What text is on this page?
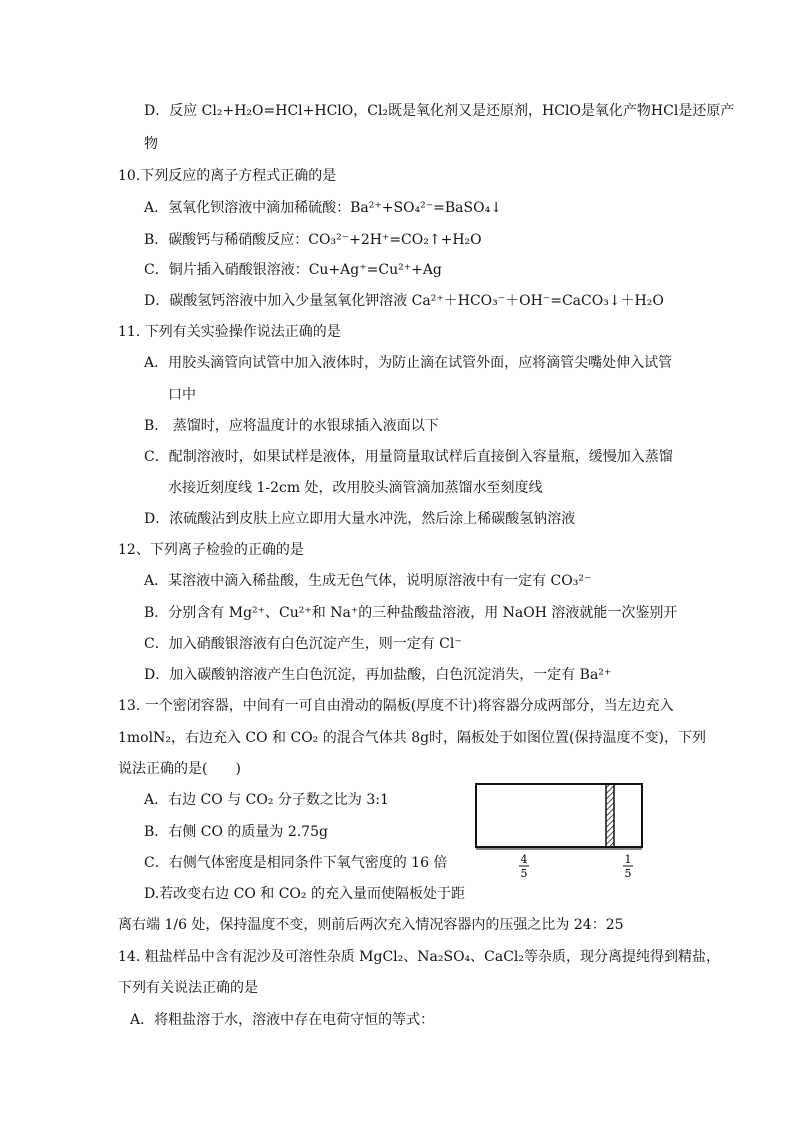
D．反应 Cl₂+H₂O=HCl+HClO，Cl₂既是氧化剂又是还原剂，HClO是氧化产物HCl是还原产
物
10.下列反应的离子方程式正确的是
A．氢氧化钡溶液中滴加稀硫酸：Ba²⁺+SO₄²⁻=BaSO₄↓
B．碳酸钙与稀硝酸反应：CO₃²⁻+2H⁺=CO₂↑+H₂O
C．铜片插入硝酸银溶液：Cu+Ag⁺=Cu²⁺+Ag
D．碳酸氢钙溶液中加入少量氢氧化钾溶液 Ca²⁺＋HCO₃⁻＋OH⁻=CaCO₃↓＋H₂O
11. 下列有关实验操作说法正确的是
A．用胶头滴管向试管中加入液体时，为防止滴在试管外面，应将滴管尖嘴处伸入试管
口中
B． 蒸馏时，应将温度计的水银球插入液面以下
C．配制溶液时，如果试样是液体，用量筒量取试样后直接倒入容量瓶，缓慢加入蒸馏
水接近刻度线 1-2cm 处，改用胶头滴管滴加蒸馏水至刻度线
D．浓硫酸沾到皮肤上应立即用大量水冲洗，然后涂上稀碳酸氢钠溶液
12、下列离子检验的正确的是
A．某溶液中滴入稀盐酸，生成无色气体，说明原溶液中有一定有 CO₃²⁻
B．分别含有 Mg²⁺、Cu²⁺和 Na⁺的三种盐酸盐溶液，用 NaOH 溶液就能一次鉴别开
C．加入硝酸银溶液有白色沉淀产生，则一定有 Cl⁻
D．加入碳酸钠溶液产生白色沉淀，再加盐酸，白色沉淀消失，一定有 Ba²⁺
13. 一个密闭容器，中间有一可自由滑动的隔板(厚度不计)将容器分成两部分，当左边充入
1molN₂，右边充入 CO 和 CO₂ 的混合气体共 8g时，隔板处于如图位置(保持温度不变)，下列
说法正确的是(　　)
A．右边 CO 与 CO₂ 分子数之比为 3:1
B．右侧 CO 的质量为 2.75g
C．右侧气体密度是相同条件下氧气密度的 16 倍
D.若改变右边 CO 和 CO₂ 的充入量而使隔板处于距
离右端 1/6 处，保持温度不变，则前后两次充入情况容器内的压强之比为 24：25
4
5
1
5
14. 粗盐样品中含有泥沙及可溶性杂质 MgCl₂、Na₂SO₄、CaCl₂等杂质，现分离提纯得到精盐，
下列有关说法正确的是
A．将粗盐溶于水，溶液中存在电荷守恒的等式：
